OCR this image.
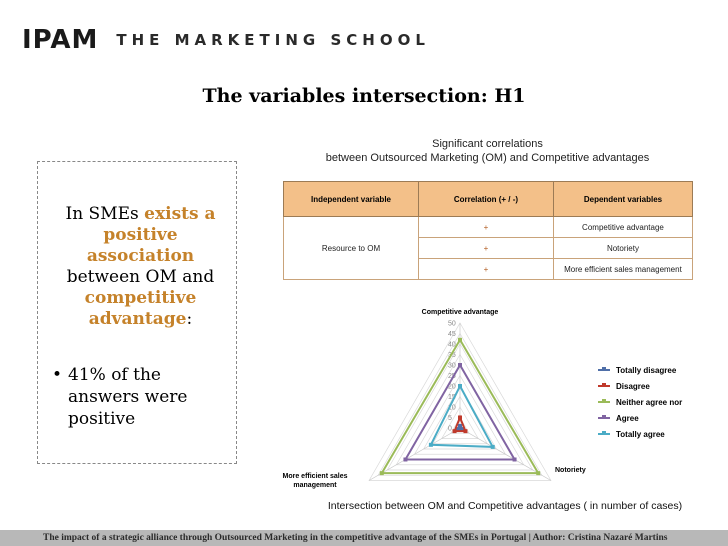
IPAM THE MARKETING SCHOOL
The variables intersection: H1
In SMEs exists a positive association between OM and competitive advantage:
• 41% of the answers were positive
Significant correlations
between Outsourced Marketing (OM) and Competitive advantages
Independent variable	Correlation (+ / -)	Dependent variables
Resource to OM	+	Competitive advantage
	+	Notoriety
	+	More efficient sales management
0
5
10
15
20
25
30
35
40
45
50
Competitive advantage
Notoriety
More efficient sales management
Totally disagree
Disagree
Neither agree nor
Agree
Totally agree
Intersection between OM and Competitive advantages ( in number of cases)
The impact of a strategic alliance through Outsourced Marketing in the competitive advantage of the SMEs in Portugal | Author: Cristina Nazaré Martins
